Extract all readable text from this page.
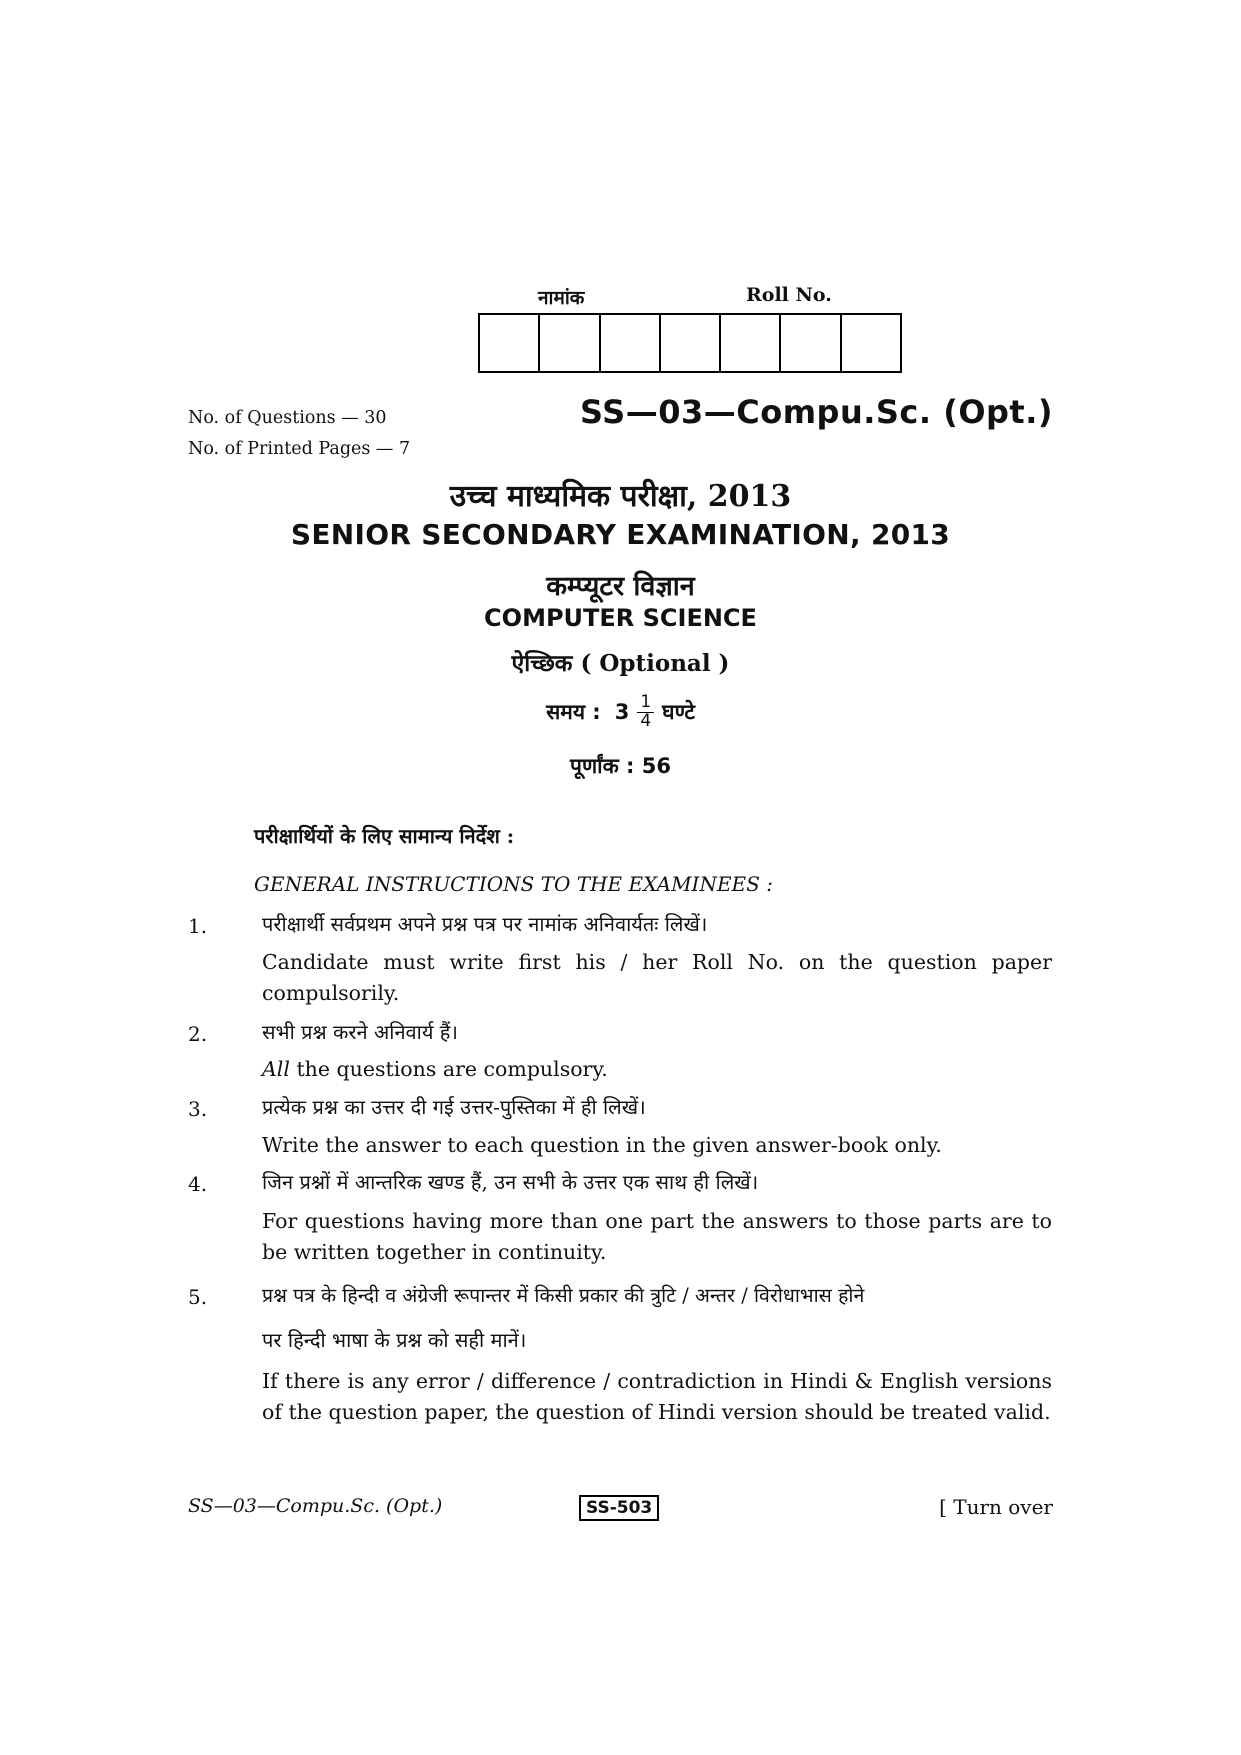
नामांक	Roll No.
No. of Questions — 30
No. of Printed Pages — 7
SS—03—Compu.Sc. (Opt.)
उच्च माध्यमिक परीक्षा, 2013
SENIOR SECONDARY EXAMINATION, 2013
कम्प्यूटर विज्ञान
COMPUTER SCIENCE
ऐच्छिक ( Optional )
समय : $3 \frac{1}{4}$ घण्टे
पूर्णांक : 56
परीक्षार्थियों के लिए सामान्य निर्देश :
GENERAL INSTRUCTIONS TO THE EXAMINEES :
1.	परीक्षार्थी सर्वप्रथम अपने प्रश्न पत्र पर नामांक अनिवार्यतः लिखें।
Candidate must write first his / her Roll No. on the question paper compulsorily.
2.	सभी प्रश्न करने अनिवार्य हैं।
All the questions are compulsory.
3.	प्रत्येक प्रश्न का उत्तर दी गई उत्तर-पुस्तिका में ही लिखें।
Write the answer to each question in the given answer-book only.
4.	जिन प्रश्नों में आन्तरिक खण्ड हैं, उन सभी के उत्तर एक साथ ही लिखें।
For questions having more than one part the answers to those parts are to be written together in continuity.
5.	प्रश्न पत्र के हिन्दी व अंग्रेजी रूपान्तर में किसी प्रकार की त्रुटि / अन्तर / विरोधाभास होने
पर हिन्दी भाषा के प्रश्न को सही मानें।
If there is any error / difference / contradiction in Hindi & English versions of the question paper, the question of Hindi version should be treated valid.
SS—03—Compu.Sc. (Opt.)	SS-503	[ Turn over
